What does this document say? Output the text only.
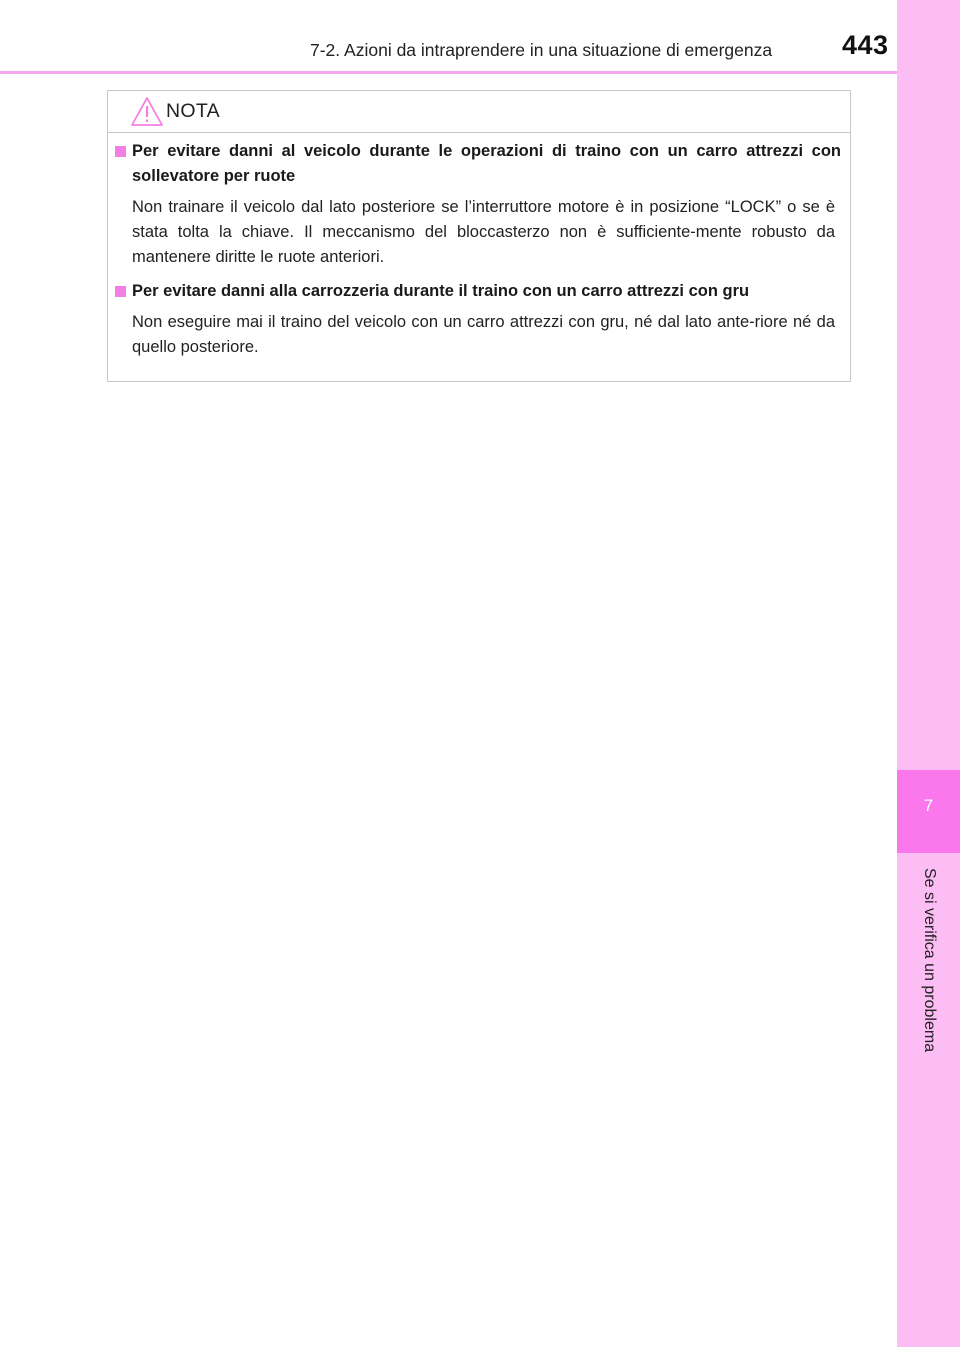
7-2. Azioni da intraprendere in una situazione di emergenza	443
7
Se si verifica un problema
NOTA
Per evitare danni al veicolo durante le operazioni di traino con un carro attrezzi con sollevatore per ruote
Non trainare il veicolo dal lato posteriore se l’interruttore motore è in posizione “LOCK” o se è stata tolta la chiave. Il meccanismo del bloccasterzo non è sufficiente-mente robusto da mantenere diritte le ruote anteriori.
Per evitare danni alla carrozzeria durante il traino con un carro attrezzi con gru
Non eseguire mai il traino del veicolo con un carro attrezzi con gru, né dal lato ante-riore né da quello posteriore.
